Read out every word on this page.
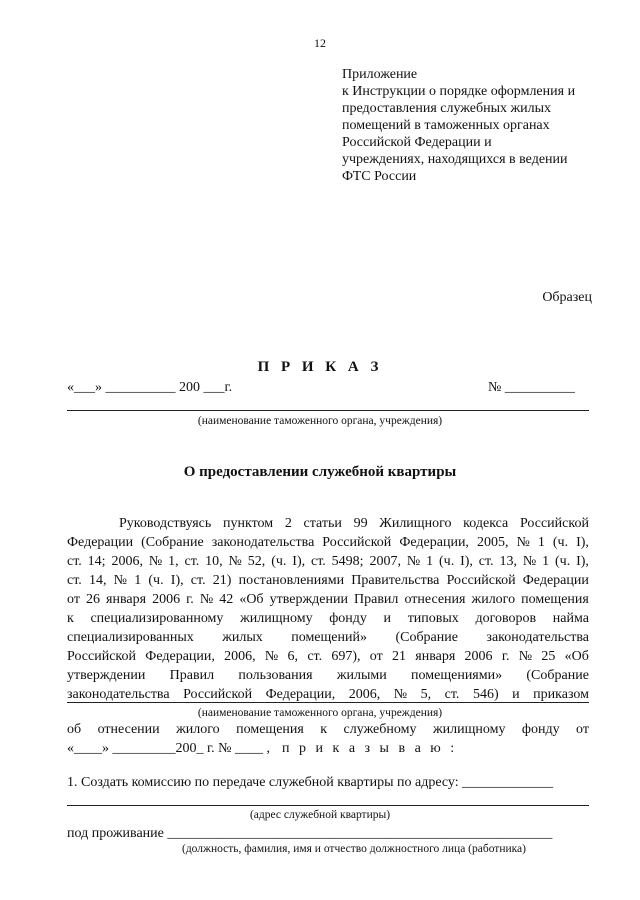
12
Приложение
к Инструкции о порядке оформления и
предоставления служебных жилых
помещений в таможенных органах
Российской Федерации и
учреждениях, находящихся в ведении
ФТС России
Образец
П Р И К А З
«___» __________ 200 ___г.	№ __________
(наименование таможенного органа, учреждения)
О предоставлении служебной квартиры
Руководствуясь пунктом 2 статьи 99 Жилищного кодекса Российской
Федерации (Собрание законодательства Российской Федерации, 2005, № 1 (ч. I),
ст. 14; 2006, № 1, ст. 10, № 52, (ч. I), ст. 5498; 2007, № 1 (ч. I), ст. 13, № 1 (ч. I),
ст. 14, № 1 (ч. I), ст. 21) постановлениями Правительства Российской Федерации
от 26 января 2006 г. № 42 «Об утверждении Правил отнесения жилого помещения
к специализированному жилищному фонду и типовых договоров найма
специализированных жилых помещений» (Собрание законодательства
Российской Федерации, 2006, № 6, ст. 697), от 21 января 2006 г. № 25 «Об
утверждении Правил пользования жилыми помещениями» (Собрание
законодательства Российской Федерации, 2006, № 5, ст. 546) и приказом
(наименование таможенного органа, учреждения)
об отнесении жилого помещения к служебному жилищному фонду от
«____» _________200_ г. № ____ , п р и к а з ы в а ю :
1. Создать комиссию по передаче служебной квартиры по адресу: _____________
(адрес служебной квартиры)
под проживание _______________________________________________________
(должность, фамилия, имя и отчество должностного лица (работника)
